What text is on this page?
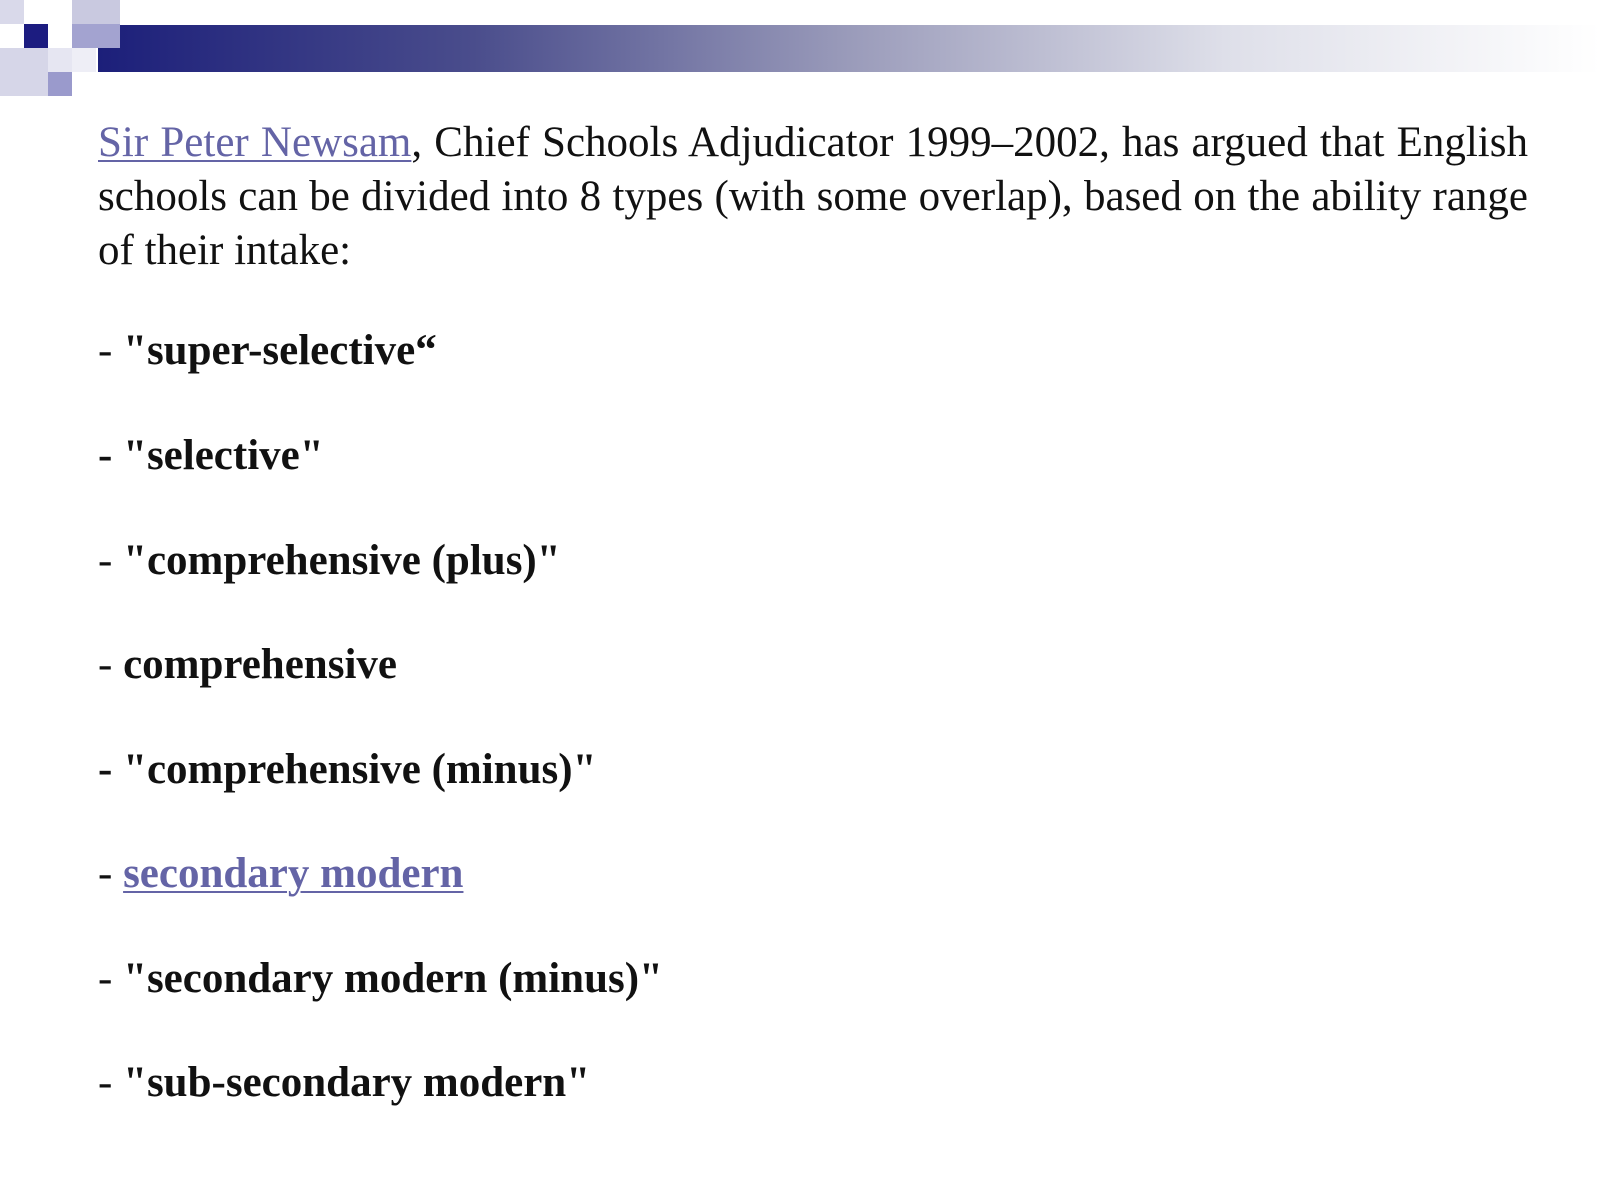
Sir Peter Newsam, Chief Schools Adjudicator 1999–2002, has argued that English schools can be divided into 8 types (with some overlap), based on the ability range of their intake:

- "super-selective“
- "selective"
- "comprehensive (plus)"
- comprehensive
- "comprehensive (minus)"
- secondary modern
- "secondary modern (minus)"
- "sub-secondary modern"
